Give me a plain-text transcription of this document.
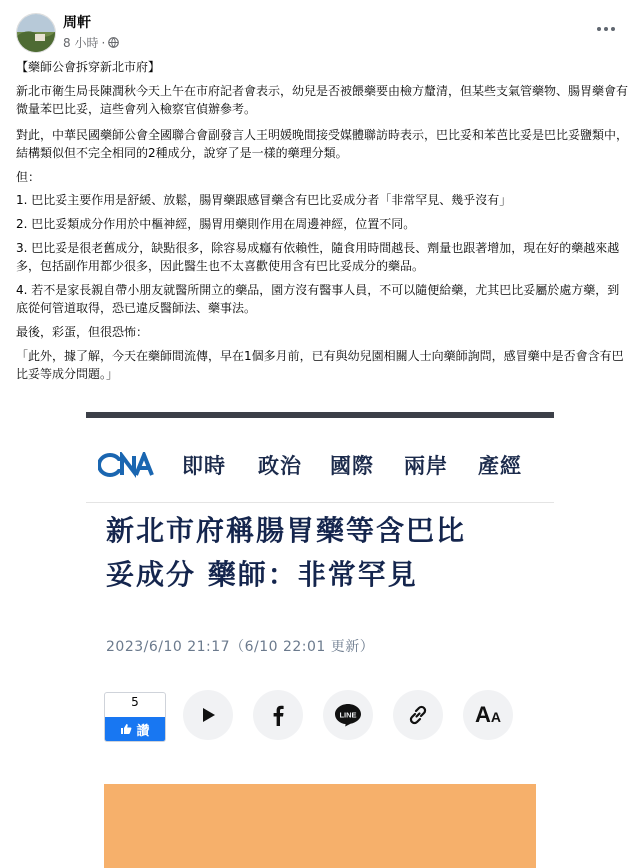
周軒
8 小時 ·

【藥師公會拆穿新北市府】

新北市衛生局長陳潤秋今天上午在市府記者會表示，幼兒是否被餵藥要由檢方釐清，但某些支氣管藥物、腸胃藥會有微量苯巴比妥，這些會列入檢察官偵辦參考。

對此，中華民國藥師公會全國聯合會副發言人王明媛晚間接受媒體聯訪時表示，巴比妥和苯芭比妥是巴比妥鹽類中，結構類似但不完全相同的2種成分，說穿了是一樣的藥理分類。

但：

1. 巴比妥主要作用是舒緩、放鬆，腸胃藥跟感冒藥含有巴比妥成分者「非常罕見、幾乎沒有」

2. 巴比妥類成分作用於中樞神經，腸胃用藥則作用在周邊神經，位置不同。

3. 巴比妥是很老舊成分，缺點很多，除容易成癮有依賴性，隨食用時間越長、劑量也跟著增加，現在好的藥越來越多，包括副作用都少很多，因此醫生也不太喜歡使用含有巴比妥成分的藥品。

4. 若不是家長親自帶小朋友就醫所開立的藥品，園方沒有醫事人員，不可以隨便給藥，尤其巴比妥屬於處方藥，到底從何管道取得，恐已違反醫師法、藥事法。

最後，彩蛋，但很恐怖：

「此外，據了解，今天在藥師間流傳，早在1個多月前，已有與幼兒園相關人士向藥師詢問，感冒藥中是否會含有巴比妥等成分問題。」

即時 政治 國際 兩岸 產經
新北市府稱腸胃藥等含巴比
妥成分 藥師：非常罕見
2023/6/10 21:17（6/10 22:01 更新）
5
讚
LINE	AA
